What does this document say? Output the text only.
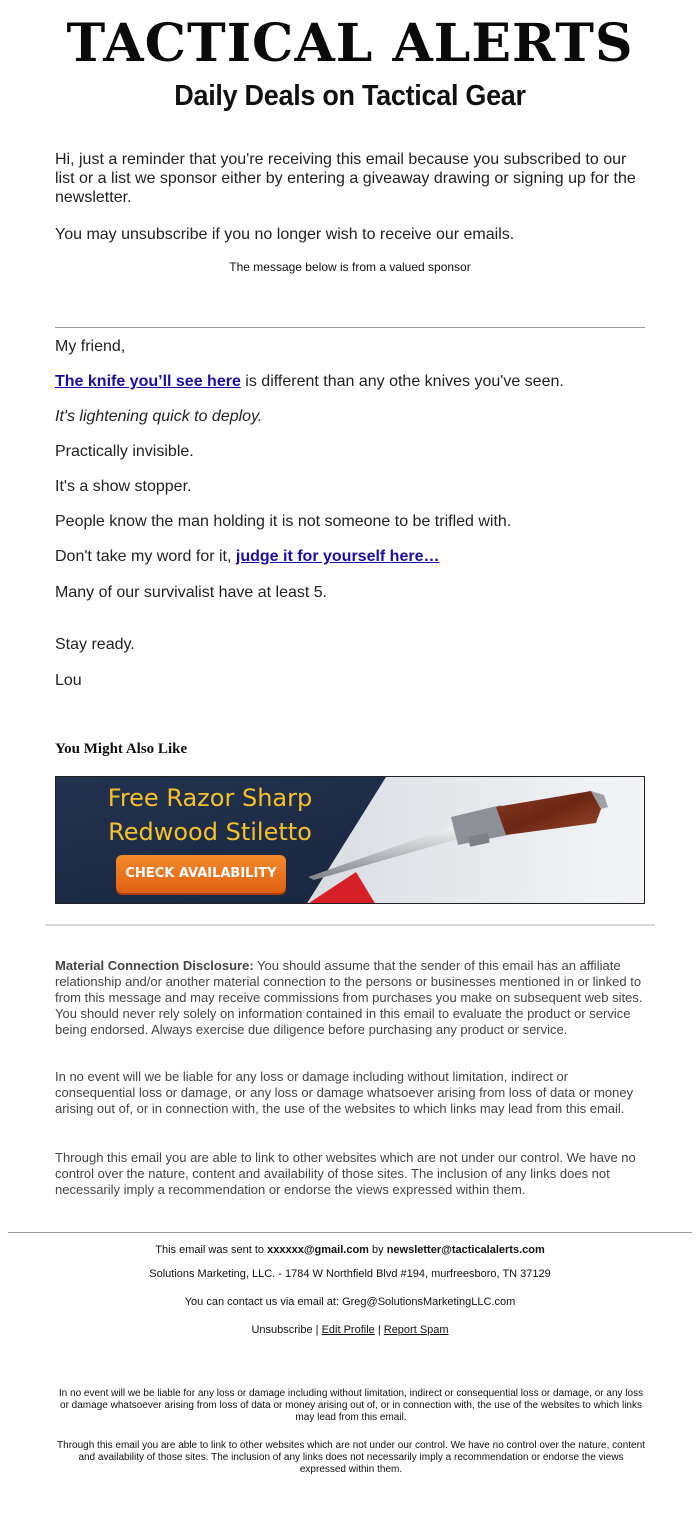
TACTICAL ALERTS
Daily Deals on Tactical Gear

Hi, just a reminder that you're receiving this email because you subscribed to our list or a list we sponsor either by entering a giveaway drawing or signing up for the newsletter.

You may unsubscribe if you no longer wish to receive our emails.

The message below is from a valued sponsor

My friend,

The knife you’ll see here is different than any othe knives you've seen.

It's lightening quick to deploy.

Practically invisible.

It's a show stopper.

People know the man holding it is not someone to be trifled with.

Don't take my word for it, judge it for yourself here…

Many of our survivalist have at least 5.

Stay ready.

Lou

You Might Also Like
Free Razor Sharp
Redwood Stiletto
CHECK AVAILABILITY

Material Connection Disclosure: You should assume that the sender of this email has an affiliate relationship and/or another material connection to the persons or businesses mentioned in or linked to from this message and may receive commissions from purchases you make on subsequent web sites. You should never rely solely on information contained in this email to evaluate the product or service being endorsed. Always exercise due diligence before purchasing any product or service.

In no event will we be liable for any loss or damage including without limitation, indirect or consequential loss or damage, or any loss or damage whatsoever arising from loss of data or money arising out of, or in connection with, the use of the websites to which links may lead from this email.

Through this email you are able to link to other websites which are not under our control. We have no control over the nature, content and availability of those sites. The inclusion of any links does not necessarily imply a recommendation or endorse the views expressed within them.

This email was sent to xxxxxx@gmail.com by newsletter@tacticalalerts.com
Solutions Marketing, LLC. - 1784 W Northfield Blvd #194, murfreesboro, TN 37129
You can contact us via email at: Greg@SolutionsMarketingLLC.com
Unsubscribe | Edit Profile | Report Spam

In no event will we be liable for any loss or damage including without limitation, indirect or consequential loss or damage, or any loss or damage whatsoever arising from loss of data or money arising out of, or in connection with, the use of the websites to which links may lead from this email.

Through this email you are able to link to other websites which are not under our control. We have no control over the nature, content and availability of those sites. The inclusion of any links does not necessarily imply a recommendation or endorse the views expressed within them.
